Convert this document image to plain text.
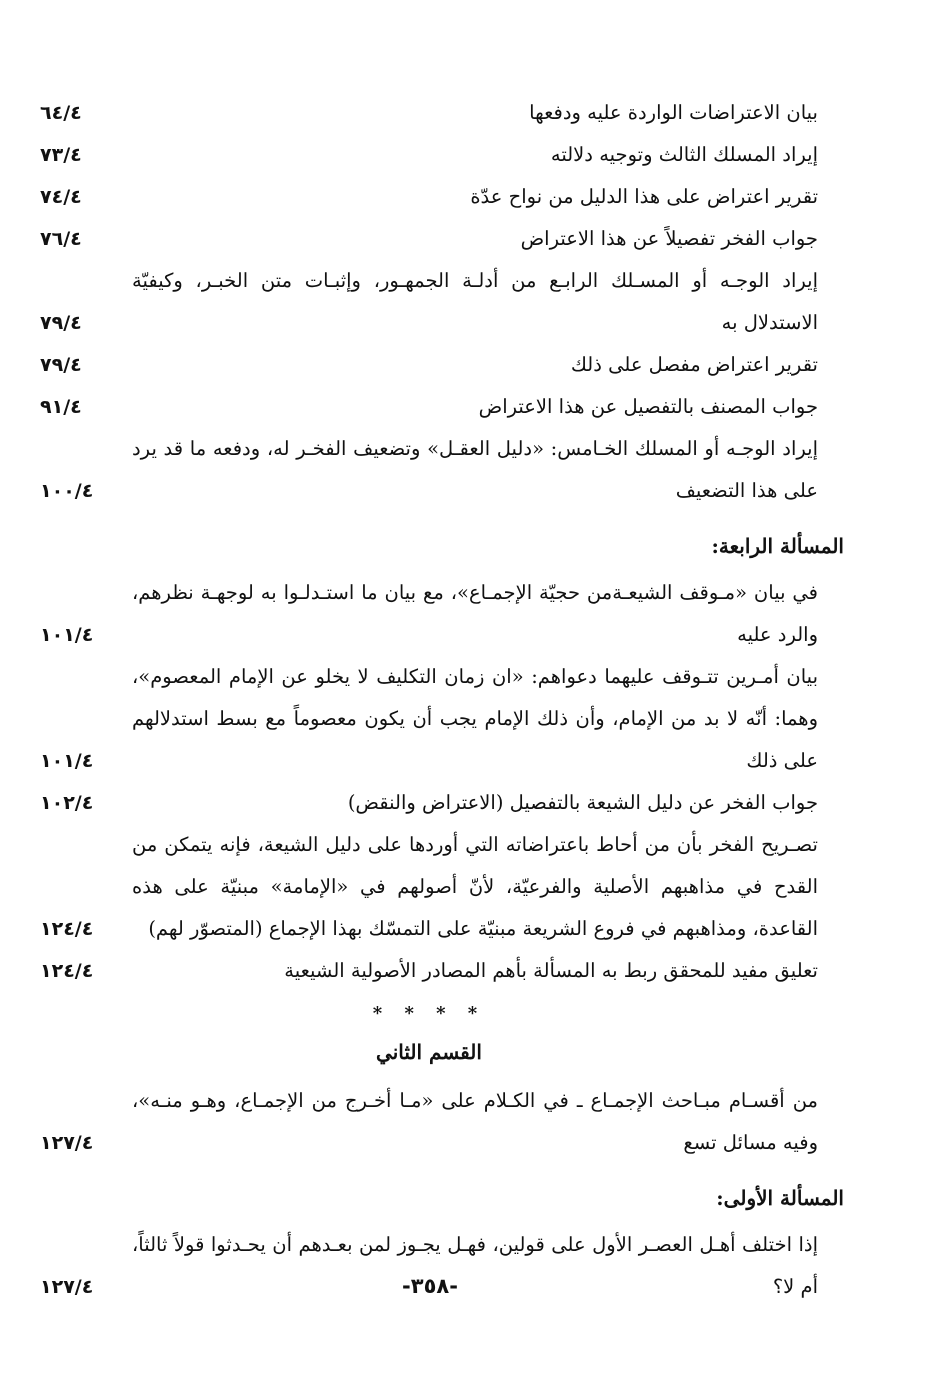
بيان الاعتراضات الواردة عليه ودفعها
٦٤/٤
إيراد المسلك الثالث وتوجيه دلالته
٧٣/٤
تقرير اعتراض على هذا الدليل من نواح عدّة
٧٤/٤
جواب الفخر تفصيلاً عن هذا الاعتراض
٧٦/٤
إيراد الوجـه أو المسـلك الرابـع من أدلـة الجمهـور، وإثبـات متن الخبـر، وكيفيّة الاستدلال به
٧٩/٤
تقرير اعتراض مفصل على ذلك
٧٩/٤
جواب المصنف بالتفصيل عن هذا الاعتراض
٩١/٤
إيراد الوجـه أو المسلك الخـامس: «دليل العقـل» وتضعيف الفخـر له، ودفعه ما قد يرد على هذا التضعيف
١٠٠/٤
المسألة الرابعة:
في بيان «مـوقف الشيعـةمن حجيّة الإجمـاع»، مع بيان ما استـدلـوا به لوجهـة نظرهم، والرد عليه
١٠١/٤
بيان أمـرين تتـوقف عليهما دعواهم: «ان زمان التكليف لا يخلو عن الإمام المعصوم»، وهما: أنّه لا بد من الإمام، وأن ذلك الإمام يجب أن يكون معصوماً مع بسط استدلالهم على ذلك
١٠١/٤
جواب الفخر عن دليل الشيعة بالتفصيل (الاعتراض والنقض)
١٠٢/٤
تصـريح الفخر بأن من أحاط باعتراضاته التي أوردها على دليل الشيعة، فإنه يتمكن من القدح في مذاهبهم الأصلية والفرعيّة، لأنّ أصولهم في «الإمامة» مبنيّة على هذه القاعدة، ومذاهبهم في فروع الشريعة مبنيّة على التمسّك بهذا الإجماع (المتصوّر لهم)
١٢٤/٤
تعليق مفيد للمحقق ربط به المسألة بأهم المصادر الأصولية الشيعية
١٢٤/٤
* * * *
القسم الثاني
من أقسـام مبـاحث الإجمـاع ـ في الكـلام على «مـا أخـرج من الإجمـاع، وهـو منـه»، وفيه مسائل تسع
١٢٧/٤
المسألة الأولى:
إذا اختلف أهـل العصـر الأول على قولين، فهـل يجـوز لمن بعـدهم أن يحـدثوا قولاً ثالثاً، أم لا؟
١٢٧/٤	-٣٥٨-
